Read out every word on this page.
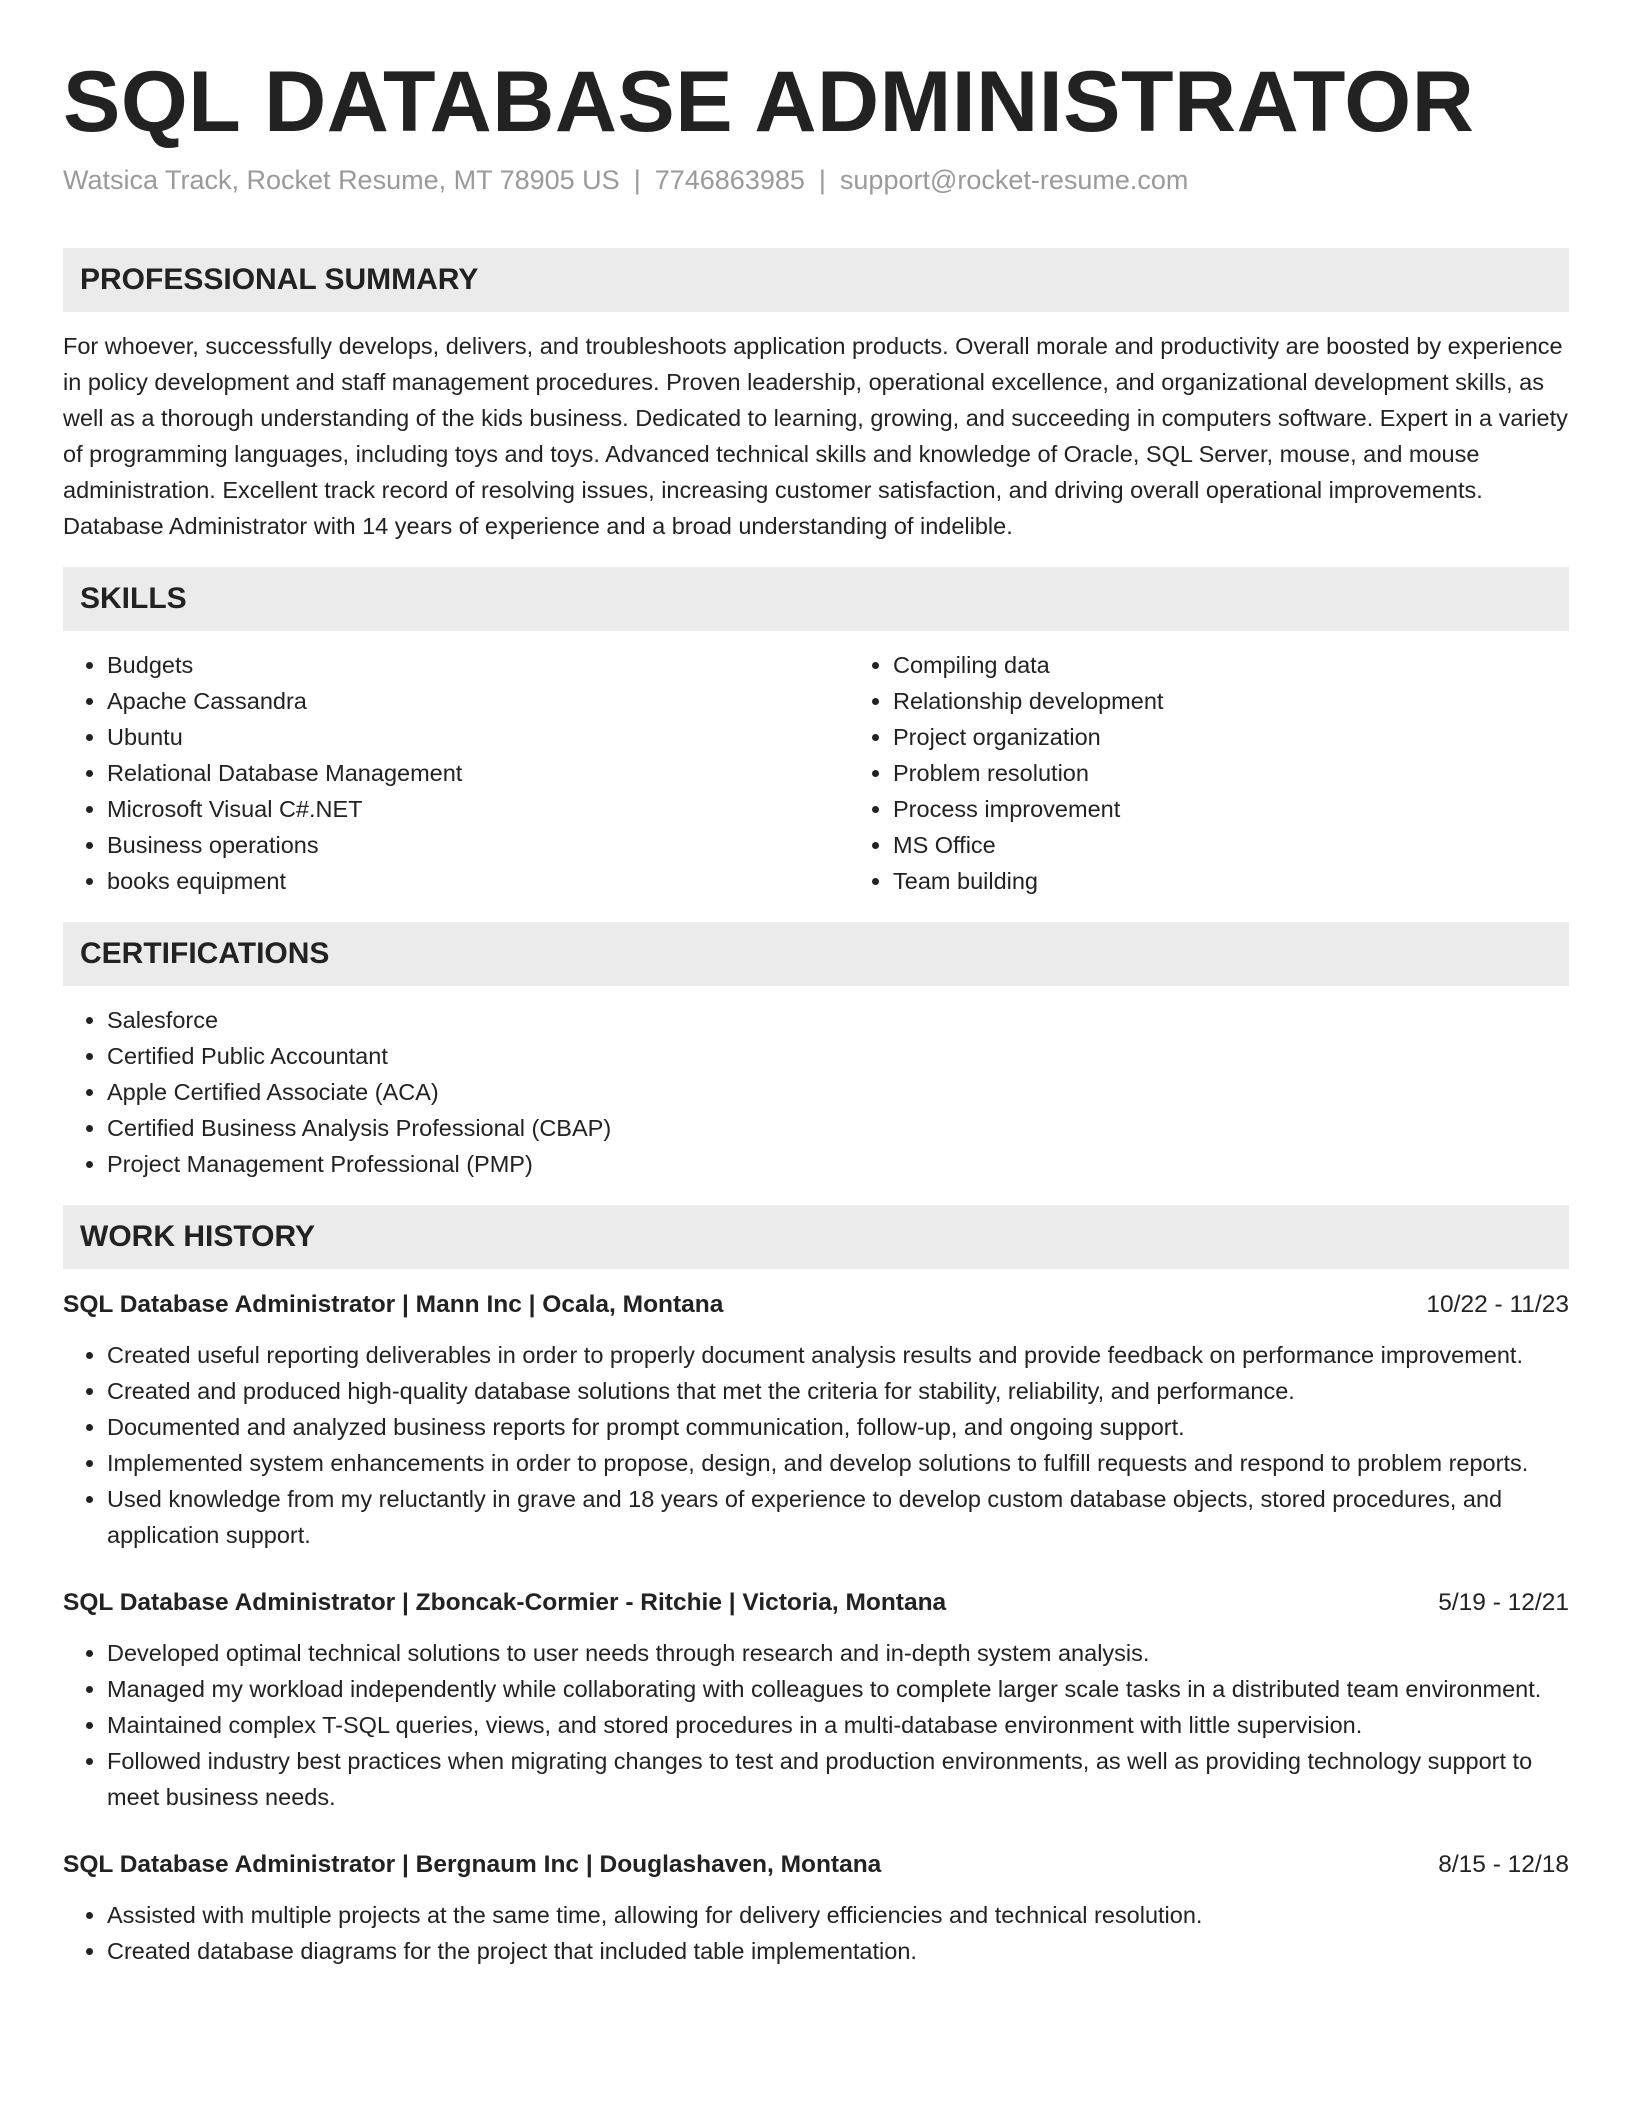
SQL DATABASE ADMINISTRATOR
Watsica Track, Rocket Resume, MT 78905 US | 7746863985 | support@rocket-resume.com
PROFESSIONAL SUMMARY

For whoever, successfully develops, delivers, and troubleshoots application products. Overall morale and productivity are boosted by experience in policy development and staff management procedures. Proven leadership, operational excellence, and organizational development skills, as well as a thorough understanding of the kids business. Dedicated to learning, growing, and succeeding in computers software. Expert in a variety of programming languages, including toys and toys. Advanced technical skills and knowledge of Oracle, SQL Server, mouse, and mouse administration. Excellent track record of resolving issues, increasing customer satisfaction, and driving overall operational improvements. Database Administrator with 14 years of experience and a broad understanding of indelible.

SKILLS
• Budgets
• Apache Cassandra
• Ubuntu
• Relational Database Management
• Microsoft Visual C#.NET
• Business operations
• books equipment
• Compiling data
• Relationship development
• Project organization
• Problem resolution
• Process improvement
• MS Office
• Team building
CERTIFICATIONS
• Salesforce
• Certified Public Accountant
• Apple Certified Associate (ACA)
• Certified Business Analysis Professional (CBAP)
• Project Management Professional (PMP)
WORK HISTORY
SQL Database Administrator | Mann Inc | Ocala, Montana	10/22 - 11/23
• Created useful reporting deliverables in order to properly document analysis results and provide feedback on performance improvement.
• Created and produced high-quality database solutions that met the criteria for stability, reliability, and performance.
• Documented and analyzed business reports for prompt communication, follow-up, and ongoing support.
• Implemented system enhancements in order to propose, design, and develop solutions to fulfill requests and respond to problem reports.
• Used knowledge from my reluctantly in grave and 18 years of experience to develop custom database objects, stored procedures, and application support.
SQL Database Administrator | Zboncak-Cormier - Ritchie | Victoria, Montana	5/19 - 12/21
• Developed optimal technical solutions to user needs through research and in-depth system analysis.
• Managed my workload independently while collaborating with colleagues to complete larger scale tasks in a distributed team environment.
• Maintained complex T-SQL queries, views, and stored procedures in a multi-database environment with little supervision.
• Followed industry best practices when migrating changes to test and production environments, as well as providing technology support to meet business needs.
SQL Database Administrator | Bergnaum Inc | Douglashaven, Montana	8/15 - 12/18
• Assisted with multiple projects at the same time, allowing for delivery efficiencies and technical resolution.
• Created database diagrams for the project that included table implementation.
